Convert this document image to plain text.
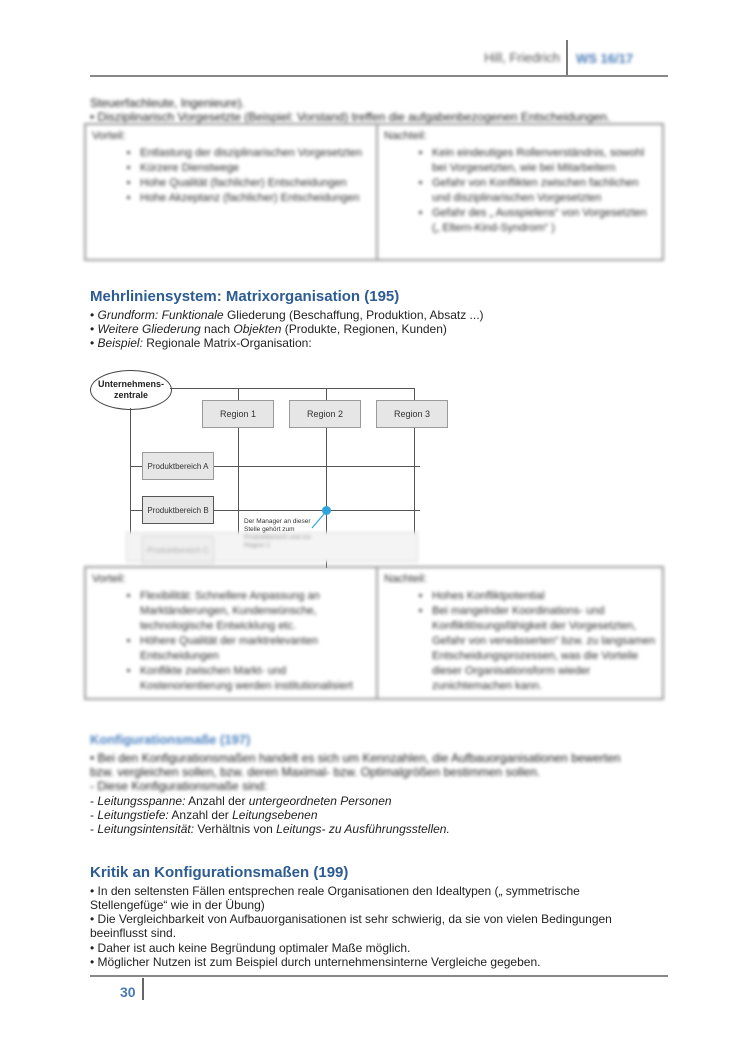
Hill, Friedrich WS 16/17
Steuerfachleute, Ingenieure).
• Disziplinarisch Vorgesetzte (Beispiel: Vorstand) treffen die aufgabenbezogenen Entscheidungen.
Vorteil:
• Entlastung der disziplinarischen Vorgesetzten
• Kürzere Dienstwege
• Hohe Qualität (fachlicher) Entscheidungen
• Hohe Akzeptanz (fachlicher) Entscheidungen
Nachteil:
• Kein eindeutiges Rollenverständnis, sowohl bei Vorgesetzten, wie bei Mitarbeitern
• Gefahr von Konflikten zwischen fachlichen und disziplinarischen Vorgesetzten
• Gefahr des „ Ausspielens“ von Vorgesetzten („ Eltern-Kind-Syndrom“ )
Mehrliniensystem: Matrixorganisation (195)
• Grundform: Funktionale Gliederung (Beschaffung, Produktion, Absatz ...)
• Weitere Gliederung nach Objekten (Produkte, Regionen, Kunden)
• Beispiel: Regionale Matrix-Organisation:
Unternehmens-zentrale
Region 1	Region 2	Region 3
Produktbereich A
Produktbereich B
Produktbereich C
Der Manager an dieser Stelle gehört zum
Produktbereich und zur Region 2
Vorteil:
• Flexibilität: Schnellere Anpassung an Marktänderungen, Kundenwünsche, technologische Entwicklung etc.
• Höhere Qualität der marktrelevanten Entscheidungen
• Konflikte zwischen Markt- und Kostenorientierung werden institutionalisiert
Nachteil:
• Hohes Konfliktpotential
• Bei mangelnder Koordinations- und Konfliktlösungsfähigkeit der Vorgesetzten, Gefahr von verwässerten“ bzw. zu langsamen Entscheidungsprozessen, was die Vorteile dieser Organisationsform wieder zunichtemachen kann.
Konfigurationsmaße (197)
• Bei den Konfigurationsmaßen handelt es sich um Kennzahlen, die Aufbauorganisationen bewerten
bzw. vergleichen sollen, bzw. deren Maximal- bzw. Optimalgrößen bestimmen sollen.
- Diese Konfigurationsmaße sind:
- Leitungsspanne: Anzahl der untergeordneten Personen
- Leitungstiefe: Anzahl der Leitungsebenen
- Leitungsintensität: Verhältnis von Leitungs- zu Ausführungsstellen.
Kritik an Konfigurationsmaßen (199)
• In den seltensten Fällen entsprechen reale Organisationen den Idealtypen („ symmetrische
Stellengefüge“ wie in der Übung)
• Die Vergleichbarkeit von Aufbauorganisationen ist sehr schwierig, da sie von vielen Bedingungen
beeinflusst sind.
• Daher ist auch keine Begründung optimaler Maße möglich.
• Möglicher Nutzen ist zum Beispiel durch unternehmensinterne Vergleiche gegeben.
30
